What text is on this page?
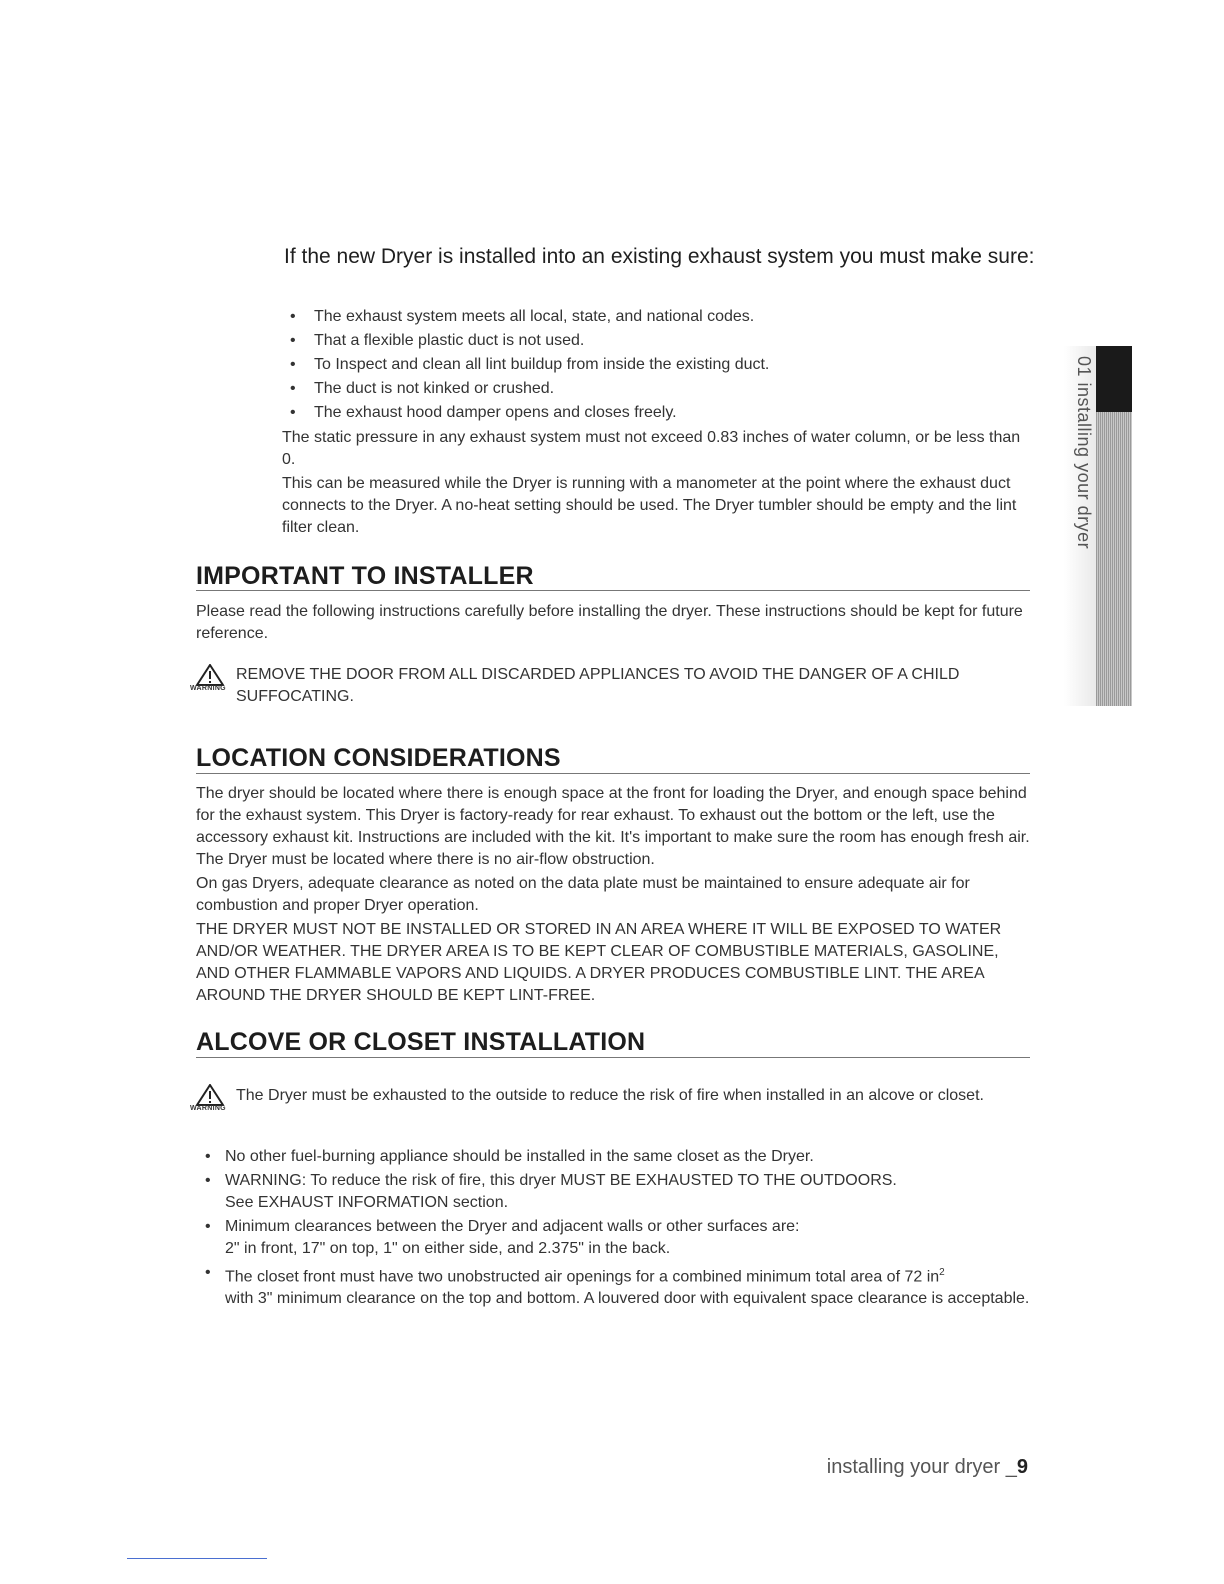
If the new Dryer is installed into an existing exhaust system you must make sure:
•	The exhaust system meets all local, state, and national codes.
•	That a flexible plastic duct is not used.
•	To Inspect and clean all lint buildup from inside the existing duct.
•	The duct is not kinked or crushed.
•	The exhaust hood damper opens and closes freely.
The static pressure in any exhaust system must not exceed 0.83 inches of water column, or be less than 0.
This can be measured while the Dryer is running with a manometer at the point where the exhaust duct connects to the Dryer. A no-heat setting should be used. The Dryer tumbler should be empty and the lint filter clean.
IMPORTANT TO INSTALLER
Please read the following instructions carefully before installing the dryer. These instructions should be kept for future reference.
WARNING
REMOVE THE DOOR FROM ALL DISCARDED APPLIANCES TO AVOID THE DANGER OF A CHILD SUFFOCATING.
LOCATION CONSIDERATIONS
The dryer should be located where there is enough space at the front for loading the Dryer, and enough space behind for the exhaust system. This Dryer is factory-ready for rear exhaust. To exhaust out the bottom or the left, use the accessory exhaust kit. Instructions are included with the kit. It's important to make sure the room has enough fresh air. The Dryer must be located where there is no air-flow obstruction.
On gas Dryers, adequate clearance as noted on the data plate must be maintained to ensure adequate air for combustion and proper Dryer operation.
THE DRYER MUST NOT BE INSTALLED OR STORED IN AN AREA WHERE IT WILL BE EXPOSED TO WATER AND/OR WEATHER. THE DRYER AREA IS TO BE KEPT CLEAR OF COMBUSTIBLE MATERIALS, GASOLINE, AND OTHER FLAMMABLE VAPORS AND LIQUIDS. A DRYER PRODUCES COMBUSTIBLE LINT. THE AREA AROUND THE DRYER SHOULD BE KEPT LINT-FREE.
ALCOVE OR CLOSET INSTALLATION
WARNING
The Dryer must be exhausted to the outside to reduce the risk of fire when installed in an alcove or closet.
• No other fuel-burning appliance should be installed in the same closet as the Dryer.
• WARNING: To reduce the risk of fire, this dryer MUST BE EXHAUSTED TO THE OUTDOORS.
See EXHAUST INFORMATION section.
• Minimum clearances between the Dryer and adjacent walls or other surfaces are:
2" in front, 17" on top, 1" on either side, and 2.375" in the back.
• The closet front must have two unobstructed air openings for a combined minimum total area of 72 $in^2$
with 3" minimum clearance on the top and bottom. A louvered door with equivalent space clearance is acceptable.
01 installing your dryer
installing your dryer _9
